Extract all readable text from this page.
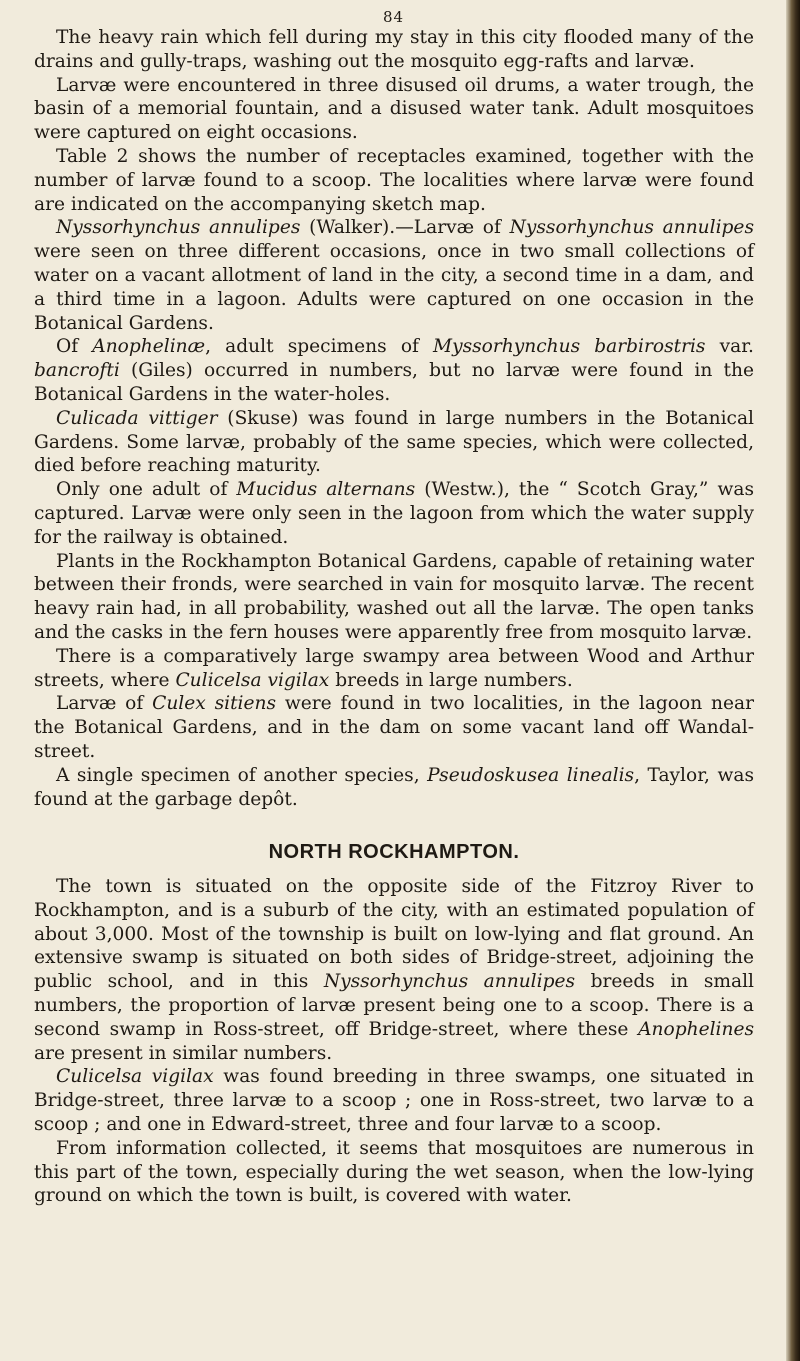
84

The heavy rain which fell during my stay in this city flooded many of the drains and gully-traps, washing out the mosquito egg-rafts and larvæ.

Larvæ were encountered in three disused oil drums, a water trough, the basin of a memorial fountain, and a disused water tank. Adult mosquitoes were captured on eight occasions.

Table 2 shows the number of receptacles examined, together with the number of larvæ found to a scoop. The localities where larvæ were found are indicated on the accompanying sketch map.

Nyssorhynchus annulipes (Walker).—Larvæ of Nyssorhynchus annulipes were seen on three different occasions, once in two small collections of water on a vacant allotment of land in the city, a second time in a dam, and a third time in a lagoon. Adults were captured on one occasion in the Botanical Gardens.

Of Anophelinæ, adult specimens of Myssorhynchus barbirostris var. bancrofti (Giles) occurred in numbers, but no larvæ were found in the Botanical Gardens in the water-holes.

Culicada vittiger (Skuse) was found in large numbers in the Botanical Gardens. Some larvæ, probably of the same species, which were collected, died before reaching maturity.

Only one adult of Mucidus alternans (Westw.), the “ Scotch Gray,” was captured. Larvæ were only seen in the lagoon from which the water supply for the railway is obtained.

Plants in the Rockhampton Botanical Gardens, capable of retaining water between their fronds, were searched in vain for mosquito larvæ. The recent heavy rain had, in all probability, washed out all the larvæ. The open tanks and the casks in the fern houses were apparently free from mosquito larvæ.

There is a comparatively large swampy area between Wood and Arthur streets, where Culicelsa vigilax breeds in large numbers.

Larvæ of Culex sitiens were found in two localities, in the lagoon near the Botanical Gardens, and in the dam on some vacant land off Wandal-street.

A single specimen of another species, Pseudoskusea linealis, Taylor, was found at the garbage depôt.

NORTH ROCKHAMPTON.

The town is situated on the opposite side of the Fitzroy River to Rockhampton, and is a suburb of the city, with an estimated population of about 3,000. Most of the township is built on low-lying and flat ground. An extensive swamp is situated on both sides of Bridge-street, adjoining the public school, and in this Nyssorhynchus annulipes breeds in small numbers, the proportion of larvæ present being one to a scoop. There is a second swamp in Ross-street, off Bridge-street, where these Anophelines are present in similar numbers.

Culicelsa vigilax was found breeding in three swamps, one situated in Bridge-street, three larvæ to a scoop ; one in Ross-street, two larvæ to a scoop ; and one in Edward-street, three and four larvæ to a scoop.

From information collected, it seems that mosquitoes are numerous in this part of the town, especially during the wet season, when the low-lying ground on which the town is built, is covered with water.
